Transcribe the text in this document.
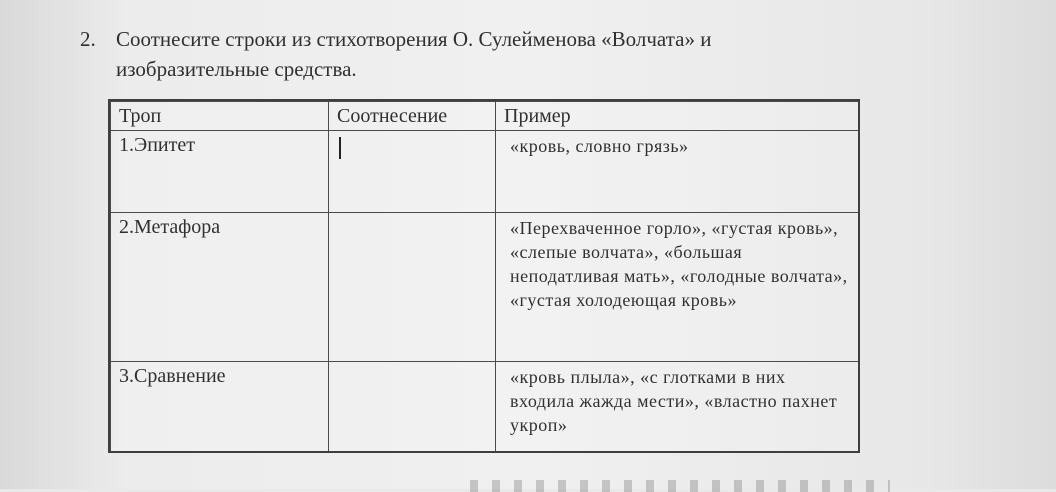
2. Соотнесите строки из стихотворения О. Сулейменова «Волчата» и изобразительные средства.
Троп	Соотнесение	Пример
1.Эпитет		«кровь, словно грязь»
2.Метафора		«Перехваченное горло», «густая кровь», «слепые волчата», «большая неподатливая мать», «голодные волчата», «густая холодеющая кровь»
3.Сравнение		«кровь плыла», «с глотками в них входила жажда мести», «властно пахнет укроп»
